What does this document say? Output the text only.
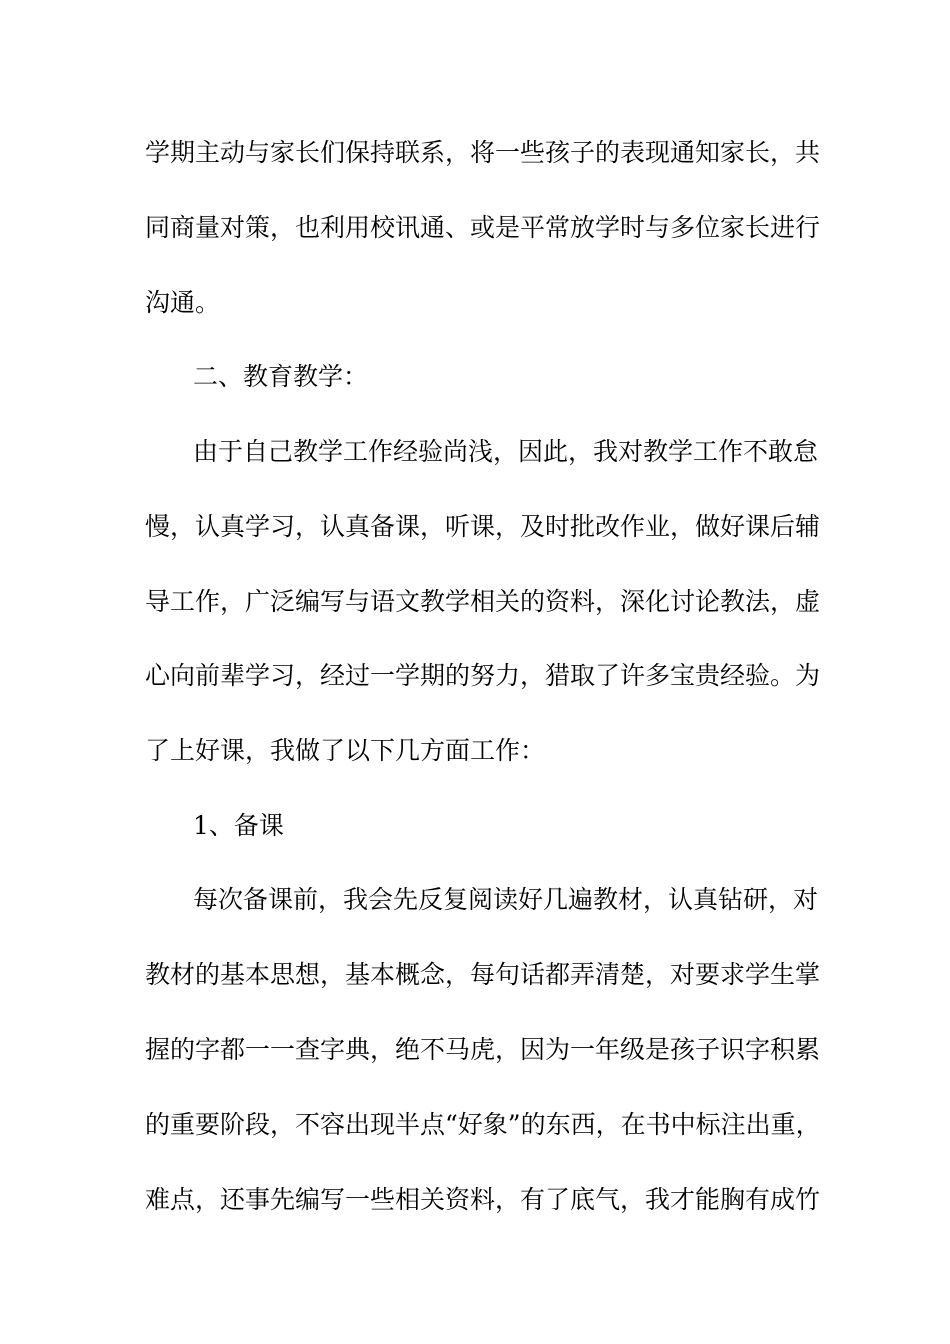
学期主动与家长们保持联系，将一些孩子的表现通知家长，共
同商量对策，也利用校讯通、或是平常放学时与多位家长进行
沟通。
二、教育教学：
由于自己教学工作经验尚浅，因此，我对教学工作不敢怠
慢，认真学习，认真备课，听课，及时批改作业，做好课后辅
导工作，广泛编写与语文教学相关的资料，深化讨论教法，虚
心向前辈学习，经过一学期的努力，猎取了许多宝贵经验。为
了上好课，我做了以下几方面工作：
1、备课
每次备课前，我会先反复阅读好几遍教材，认真钻研，对
教材的基本思想，基本概念，每句话都弄清楚，对要求学生掌
握的字都一一查字典，绝不马虎，因为一年级是孩子识字积累
的重要阶段，不容出现半点“好象”的东西，在书中标注出重，
难点，还事先编写一些相关资料，有了底气，我才能胸有成竹
